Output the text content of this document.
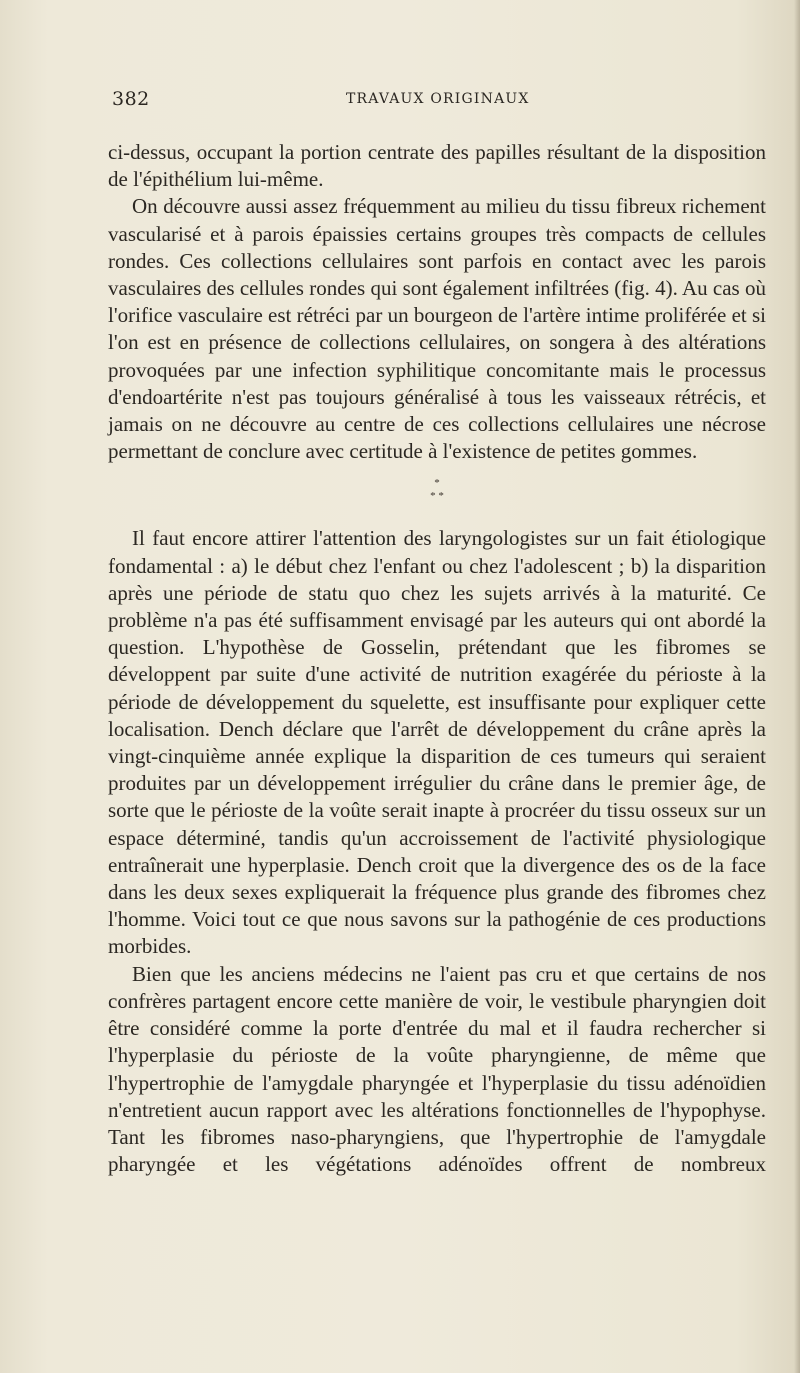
382	TRAVAUX ORIGINAUX

ci-dessus, occupant la portion centrate des papilles résultant de la disposition de l'épithélium lui-même.

On découvre aussi assez fréquemment au milieu du tissu fibreux richement vascularisé et à parois épaissies certains groupes très compacts de cellules rondes. Ces collections cellulaires sont parfois en contact avec les parois vasculaires des cellules rondes qui sont également infiltrées (fig. 4). Au cas où l'orifice vasculaire est rétréci par un bourgeon de l'artère intime proliférée et si l'on est en présence de collections cellulaires, on songera à des altérations provoquées par une infection syphilitique concomitante mais le processus d'endoartérite n'est pas toujours généralisé à tous les vaisseaux rétrécis, et jamais on ne découvre au centre de ces collections cellulaires une nécrose permettant de conclure avec certitude à l'existence de petites gommes.

*
* *

Il faut encore attirer l'attention des laryngologistes sur un fait étiologique fondamental : a) le début chez l'enfant ou chez l'adolescent ; b) la disparition après une période de statu quo chez les sujets arrivés à la maturité. Ce problème n'a pas été suffisamment envisagé par les auteurs qui ont abordé la question. L'hypothèse de Gosselin, prétendant que les fibromes se développent par suite d'une activité de nutrition exagérée du périoste à la période de développement du squelette, est insuffisante pour expliquer cette localisation. Dench déclare que l'arrêt de développement du crâne après la vingt-cinquième année explique la disparition de ces tumeurs qui seraient produites par un développement irrégulier du crâne dans le premier âge, de sorte que le périoste de la voûte serait inapte à procréer du tissu osseux sur un espace déterminé, tandis qu'un accroissement de l'activité physiologique entraînerait une hyperplasie. Dench croit que la divergence des os de la face dans les deux sexes expliquerait la fréquence plus grande des fibromes chez l'homme. Voici tout ce que nous savons sur la pathogénie de ces productions morbides.

Bien que les anciens médecins ne l'aient pas cru et que certains de nos confrères partagent encore cette manière de voir, le vestibule pharyngien doit être considéré comme la porte d'entrée du mal et il faudra rechercher si l'hyperplasie du périoste de la voûte pharyngienne, de même que l'hypertrophie de l'amygdale pharyngée et l'hyperplasie du tissu adénoïdien n'entretient aucun rapport avec les altérations fonctionnelles de l'hypophyse. Tant les fibromes naso-pharyngiens, que l'hypertrophie de l'amygdale pharyngée et les végétations adénoïdes offrent de nombreux
